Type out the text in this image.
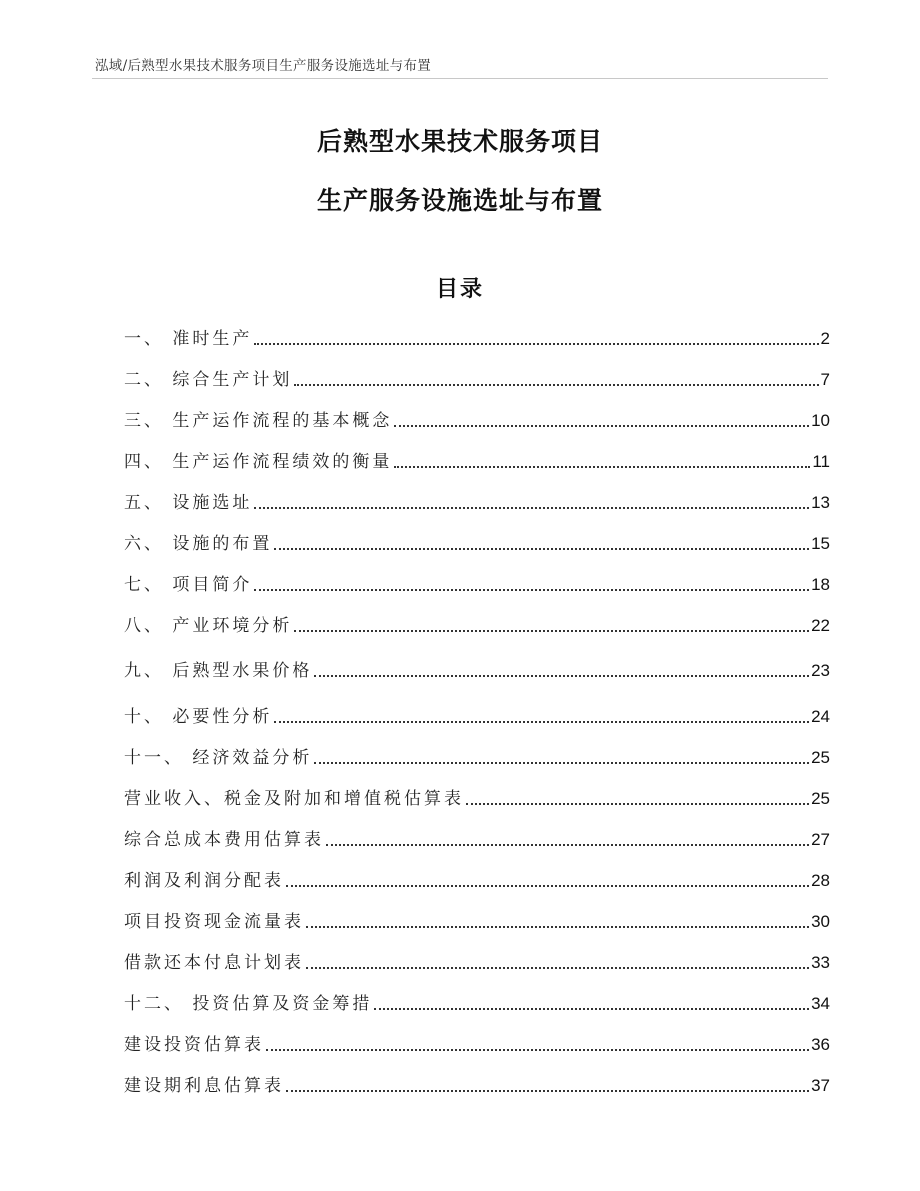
泓域/后熟型水果技术服务项目生产服务设施选址与布置
后熟型水果技术服务项目
生产服务设施选址与布置
目录
一、 准时生产	2
二、 综合生产计划	7
三、 生产运作流程的基本概念	10
四、 生产运作流程绩效的衡量	11
五、 设施选址	13
六、 设施的布置	15
七、 项目简介	18
八、 产业环境分析	22
九、 后熟型水果价格	23
十、 必要性分析	24
十一、 经济效益分析	25
营业收入、税金及附加和增值税估算表	25
综合总成本费用估算表	27
利润及利润分配表	28
项目投资现金流量表	30
借款还本付息计划表	33
十二、 投资估算及资金筹措	34
建设投资估算表	36
建设期利息估算表	37
